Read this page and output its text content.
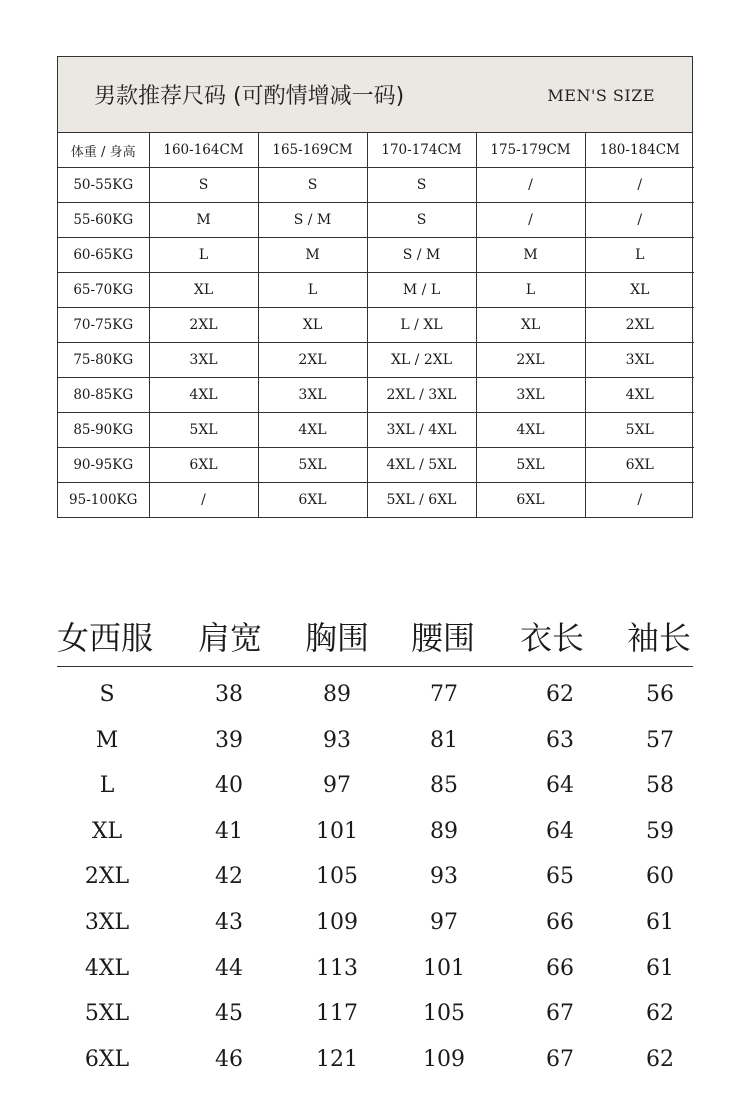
男款推荐尺码 (可酌情增减一码)	MEN'S SIZE
体重 / 身高	160-164CM	165-169CM	170-174CM	175-179CM	180-184CM
50-55KG	S	S	S	/	/
55-60KG	M	S / M	S	/	/
60-65KG	L	M	S / M	M	L
65-70KG	XL	L	M / L	L	XL
70-75KG	2XL	XL	L / XL	XL	2XL
75-80KG	3XL	2XL	XL / 2XL	2XL	3XL
80-85KG	4XL	3XL	2XL / 3XL	3XL	4XL
85-90KG	5XL	4XL	3XL / 4XL	4XL	5XL
90-95KG	6XL	5XL	4XL / 5XL	5XL	6XL
95-100KG	/	6XL	5XL / 6XL	6XL	/
女西服 肩宽 胸围 腰围 衣长 袖长
S	38	89	77	62	56
M	39	93	81	63	57
L	40	97	85	64	58
XL	41	101	89	64	59
2XL	42	105	93	65	60
3XL	43	109	97	66	61
4XL	44	113	101	66	61
5XL	45	117	105	67	62
6XL	46	121	109	67	62
